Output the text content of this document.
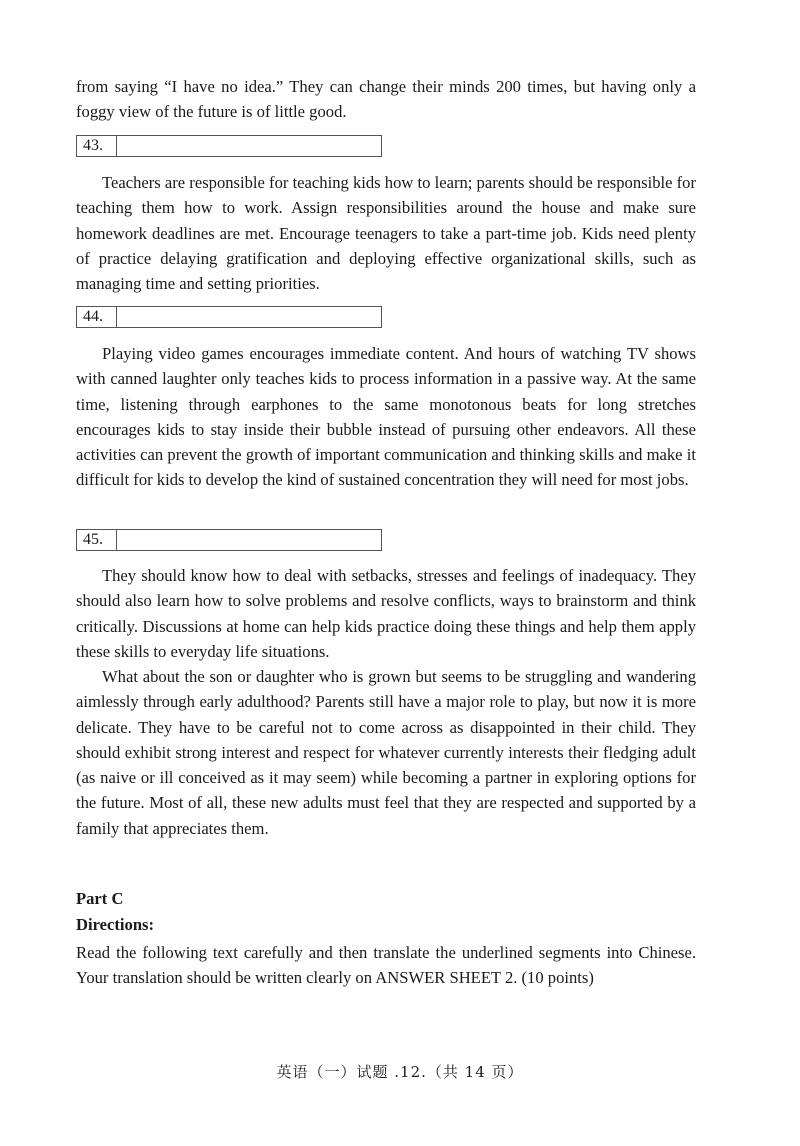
from saying “I have no idea.” They can change their minds 200 times, but having only a foggy view of the future is of little good.

43.

Teachers are responsible for teaching kids how to learn; parents should be responsible for teaching them how to work. Assign responsibilities around the house and make sure homework deadlines are met. Encourage teenagers to take a part-time job. Kids need plenty of practice delaying gratification and deploying effective organizational skills, such as managing time and setting priorities.

44.

Playing video games encourages immediate content. And hours of watching TV shows with canned laughter only teaches kids to process information in a passive way. At the same time, listening through earphones to the same monotonous beats for long stretches encourages kids to stay inside their bubble instead of pursuing other endeavors. All these activities can prevent the growth of important communication and thinking skills and make it difficult for kids to develop the kind of sustained concentration they will need for most jobs.

45.

They should know how to deal with setbacks, stresses and feelings of inadequacy. They should also learn how to solve problems and resolve conflicts, ways to brainstorm and think critically. Discussions at home can help kids practice doing these things and help them apply these skills to everyday life situations.

What about the son or daughter who is grown but seems to be struggling and wandering aimlessly through early adulthood? Parents still have a major role to play, but now it is more delicate. They have to be careful not to come across as disappointed in their child. They should exhibit strong interest and respect for whatever currently interests their fledging adult (as naive or ill conceived as it may seem) while becoming a partner in exploring options for the future. Most of all, these new adults must feel that they are respected and supported by a family that appreciates them.

Part C

Directions:

Read the following text carefully and then translate the underlined segments into Chinese. Your translation should be written clearly on ANSWER SHEET 2. (10 points)

英语（一）试题 .12.（共 14 页）
